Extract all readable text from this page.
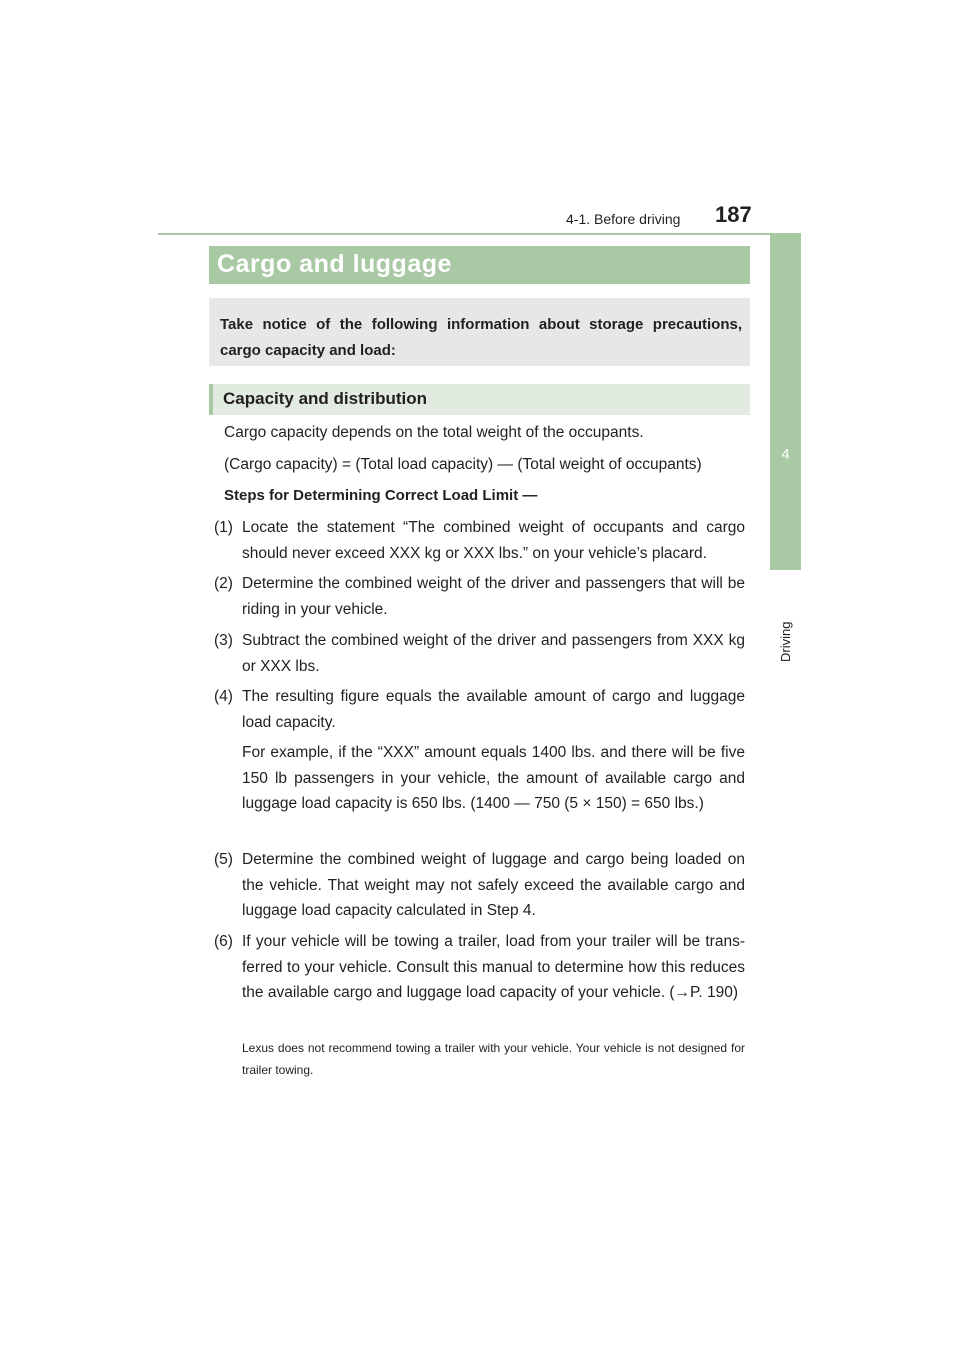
4-1. Before driving 187
4
Driving
Cargo and luggage
Take notice of the following information about storage precautions, cargo capacity and load:
Capacity and distribution
Cargo capacity depends on the total weight of the occupants.
(Cargo capacity) = (Total load capacity) — (Total weight of occupants)
Steps for Determining Correct Load Limit —
(1) Locate the statement “The combined weight of occupants and cargo should never exceed XXX kg or XXX lbs.” on your vehicle’s placard.
(2) Determine the combined weight of the driver and passengers that will be riding in your vehicle.
(3) Subtract the combined weight of the driver and passengers from XXX kg or XXX lbs.
(4) The resulting figure equals the available amount of cargo and luggage load capacity.
For example, if the “XXX” amount equals 1400 lbs. and there will be five 150 lb passengers in your vehicle, the amount of available cargo and luggage load capacity is 650 lbs. (1400 — 750 (5 × 150) = 650 lbs.)
(5) Determine the combined weight of luggage and cargo being loaded on the vehicle. That weight may not safely exceed the available cargo and luggage load capacity calculated in Step 4.
(6) If your vehicle will be towing a trailer, load from your trailer will be trans-ferred to your vehicle. Consult this manual to determine how this reduces the available cargo and luggage load capacity of your vehicle. (→P. 190)
Lexus does not recommend towing a trailer with your vehicle. Your vehicle is not designed for trailer towing.
